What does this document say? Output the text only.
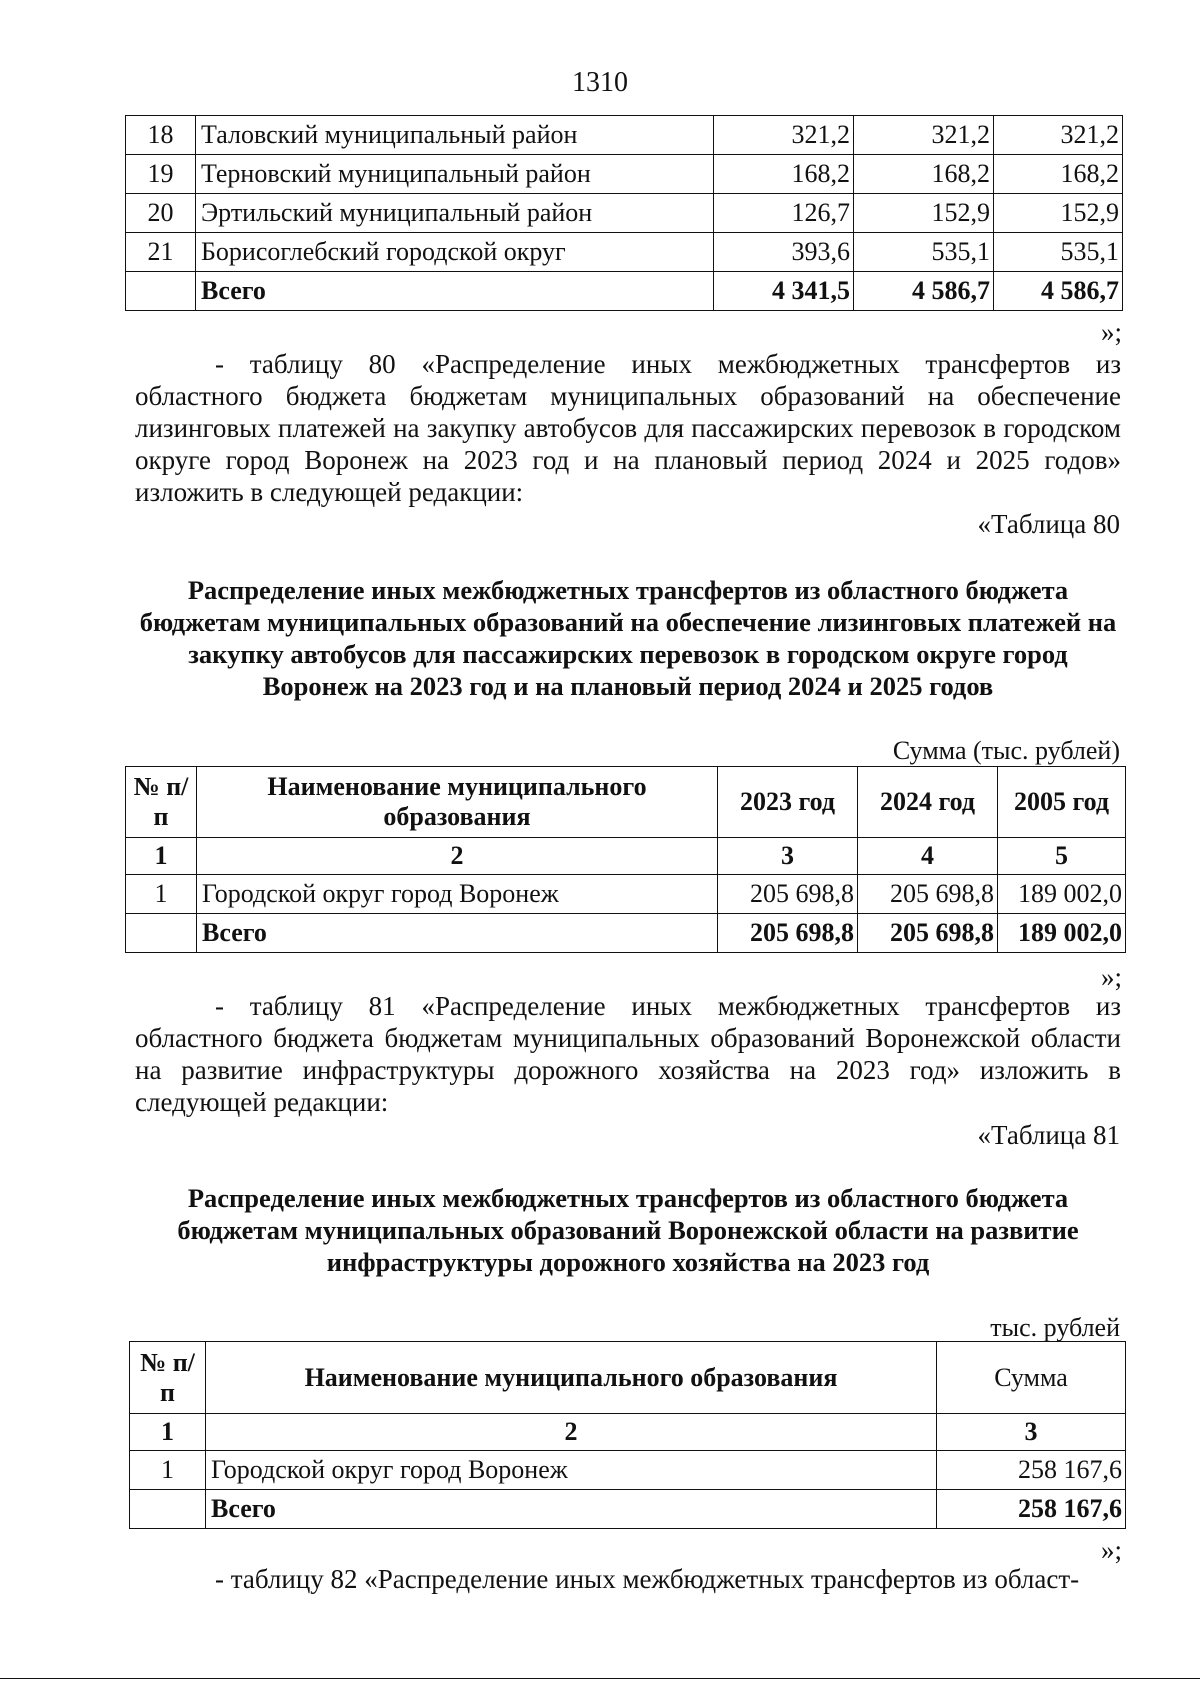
1310
18	Таловский муниципальный район	321,2	321,2	321,2
19	Терновский муниципальный район	168,2	168,2	168,2
20	Эртильский муниципальный район	126,7	152,9	152,9
21	Борисоглебский городской округ	393,6	535,1	535,1
	Всего	4 341,5	4 586,7	4 586,7
»;
- таблицу 80 «Распределение иных межбюджетных трансфертов из областного бюджета бюджетам муниципальных образований на обеспечение лизинговых платежей на закупку автобусов для пассажирских перевозок в городском округе город Воронеж на 2023 год и на плановый период 2024 и 2025 годов» изложить в следующей редакции:
«Таблица 80
Распределение иных межбюджетных трансфертов из областного бюджета бюджетам муниципальных образований на обеспечение лизинговых платежей на закупку автобусов для пассажирских перевозок в городском округе город Воронеж на 2023 год и на плановый период 2024 и 2025 годов
Сумма (тыс. рублей)
№ п/п	Наименование муниципального образования	2023 год	2024 год	2005 год
1	2	3	4	5
1	Городской округ город Воронеж	205 698,8	205 698,8	189 002,0
	Всего	205 698,8	205 698,8	189 002,0
»;
- таблицу 81 «Распределение иных межбюджетных трансфертов из областного бюджета бюджетам муниципальных образований Воронежской области на развитие инфраструктуры дорожного хозяйства на 2023 год» изложить в следующей редакции:
«Таблица 81
Распределение иных межбюджетных трансфертов из областного бюджета бюджетам муниципальных образований Воронежской области на развитие инфраструктуры дорожного хозяйства на 2023 год
тыс. рублей
№ п/п	Наименование муниципального образования	Сумма
1	2	3
1	Городской округ город Воронеж	258 167,6
	Всего	258 167,6
»;
- таблицу 82 «Распределение иных межбюджетных трансфертов из област-
